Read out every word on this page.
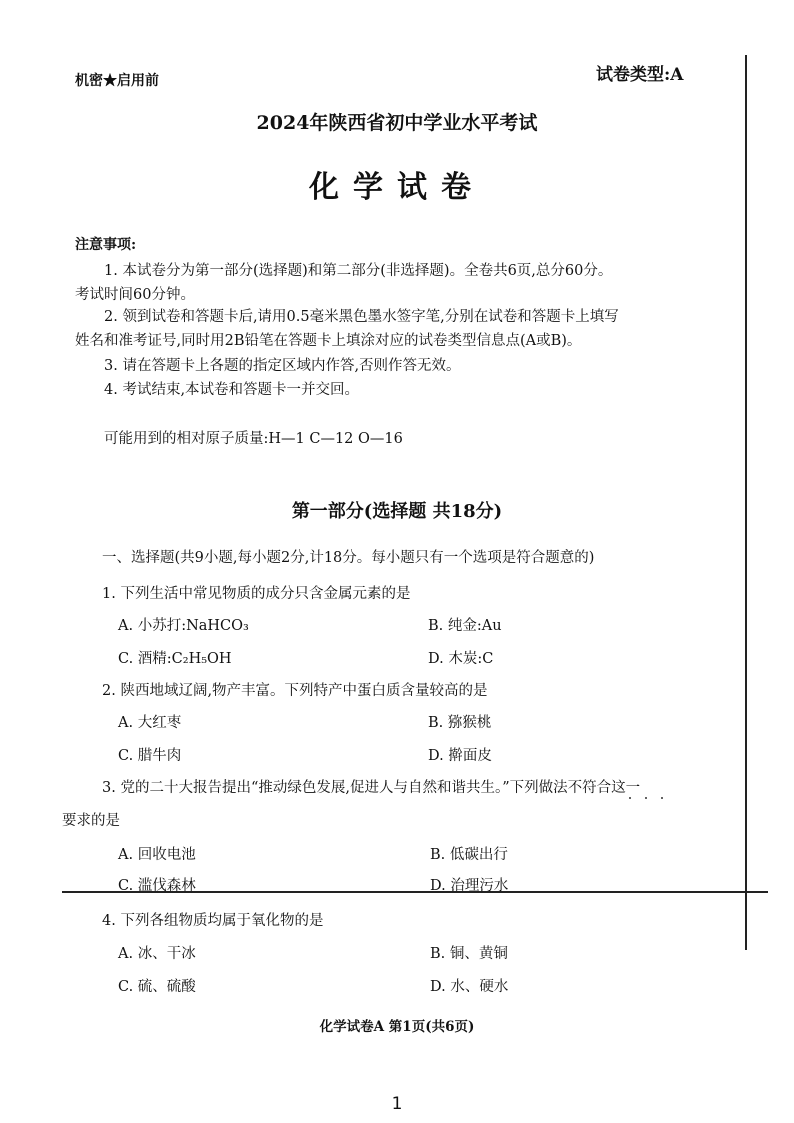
机密★启用前	试卷类型:A
2024年陕西省初中学业水平考试
化学试卷
注意事项:
1. 本试卷分为第一部分(选择题)和第二部分(非选择题)。全卷共6页,总分60分。
考试时间60分钟。
2. 领到试卷和答题卡后,请用0.5毫米黑色墨水签字笔,分别在试卷和答题卡上填写
姓名和准考证号,同时用2B铅笔在答题卡上填涂对应的试卷类型信息点(A或B)。
3. 请在答题卡上各题的指定区域内作答,否则作答无效。
4. 考试结束,本试卷和答题卡一并交回。
可能用到的相对原子质量:H—1 C—12 O—16
第一部分(选择题 共18分)
一、选择题(共9小题,每小题2分,计18分。每小题只有一个选项是符合题意的)
1. 下列生活中常见物质的成分只含金属元素的是
A. 小苏打:NaHCO₃	B. 纯金:Au
C. 酒精:C₂H₅OH	D. 木炭:C
2. 陕西地域辽阔,物产丰富。下列特产中蛋白质含量较高的是
A. 大红枣	B. 猕猴桃
C. 腊牛肉	D. 擀面皮
3. 党的二十大报告提出“推动绿色发展,促进人与自然和谐共生。”下列做法不符合这一
要求的是
A. 回收电池	B. 低碳出行
C. 滥伐森林	D. 治理污水
4. 下列各组物质均属于氧化物的是
A. 冰、干冰	B. 铜、黄铜
C. 硫、硫酸	D. 水、硬水
化学试卷A 第1页(共6页)
1
